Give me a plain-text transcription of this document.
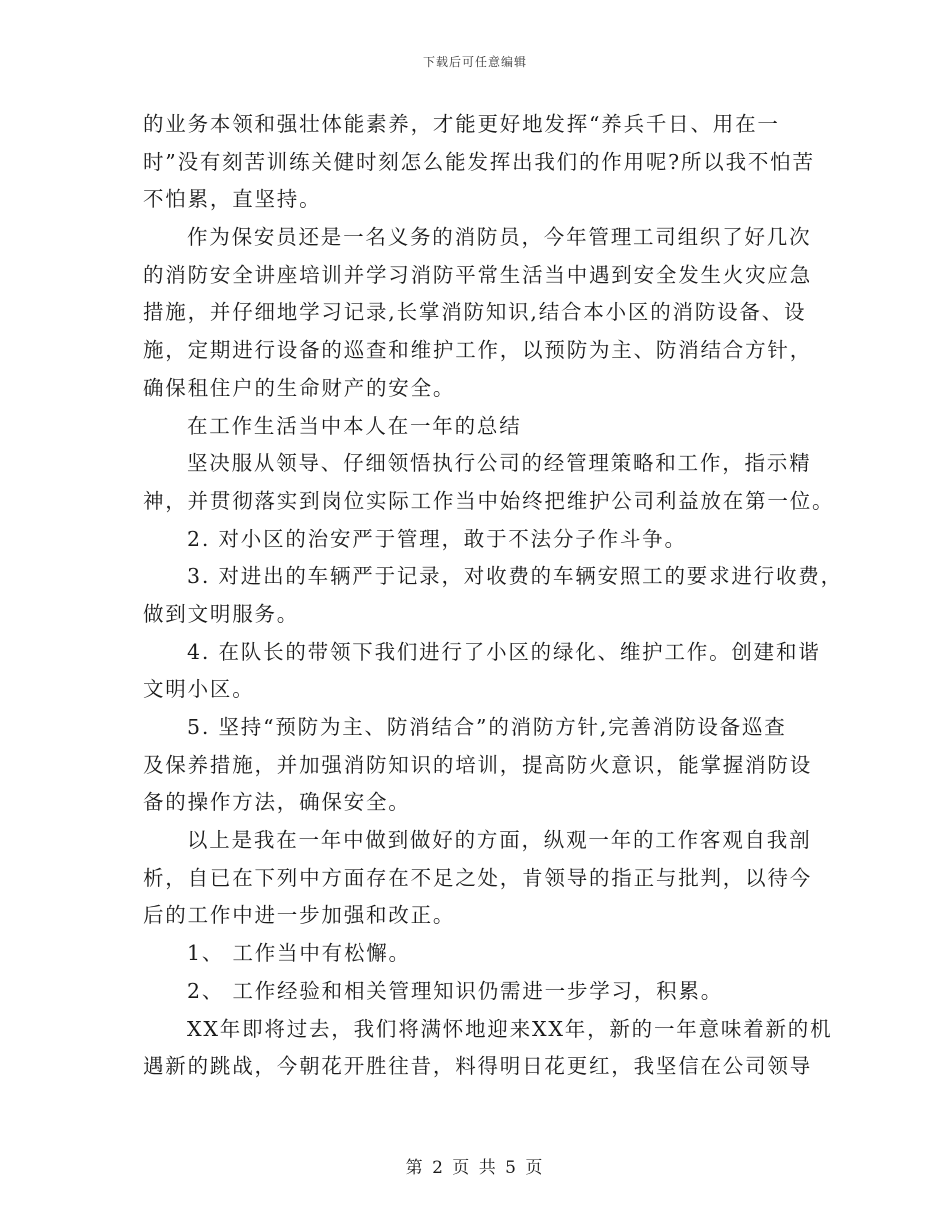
下载后可任意编辑
的业务本领和强壮体能素养，才能更好地发挥“养兵千日、用在一
时”没有刻苦训练关健时刻怎么能发挥出我们的作用呢?所以我不怕苦
不怕累，直坚持。
作为保安员还是一名义务的消防员，今年管理工司组织了好几次
的消防安全讲座培训并学习消防平常生活当中遇到安全发生火灾应急
措施，并仔细地学习记录,长掌消防知识,结合本小区的消防设备、设
施，定期进行设备的巡查和维护工作，以预防为主、防消结合方针，
确保租住户的生命财产的安全。
在工作生活当中本人在一年的总结
坚决服从领导、仔细领悟执行公司的经管理策略和工作，指示精
神，并贯彻落实到岗位实际工作当中始终把维护公司利益放在第一位。
2. 对小区的治安严于管理，敢于不法分子作斗争。
3. 对进出的车辆严于记录，对收费的车辆安照工的要求进行收费，
做到文明服务。
4. 在队长的带领下我们进行了小区的绿化、维护工作。创建和谐
文明小区。
5. 坚持“预防为主、防消结合”的消防方针,完善消防设备巡查
及保养措施，并加强消防知识的培训，提高防火意识，能掌握消防设
备的操作方法，确保安全。
以上是我在一年中做到做好的方面，纵观一年的工作客观自我剖
析，自已在下列中方面存在不足之处，肯领导的指正与批判，以待今
后的工作中进一步加强和改正。
1、 工作当中有松懈。
2、 工作经验和相关管理知识仍需进一步学习，积累。
XX年即将过去，我们将满怀地迎来XX年，新的一年意味着新的机
遇新的跳战，今朝花开胜往昔，料得明日花更红，我坚信在公司领导
第 2 页 共 5 页
